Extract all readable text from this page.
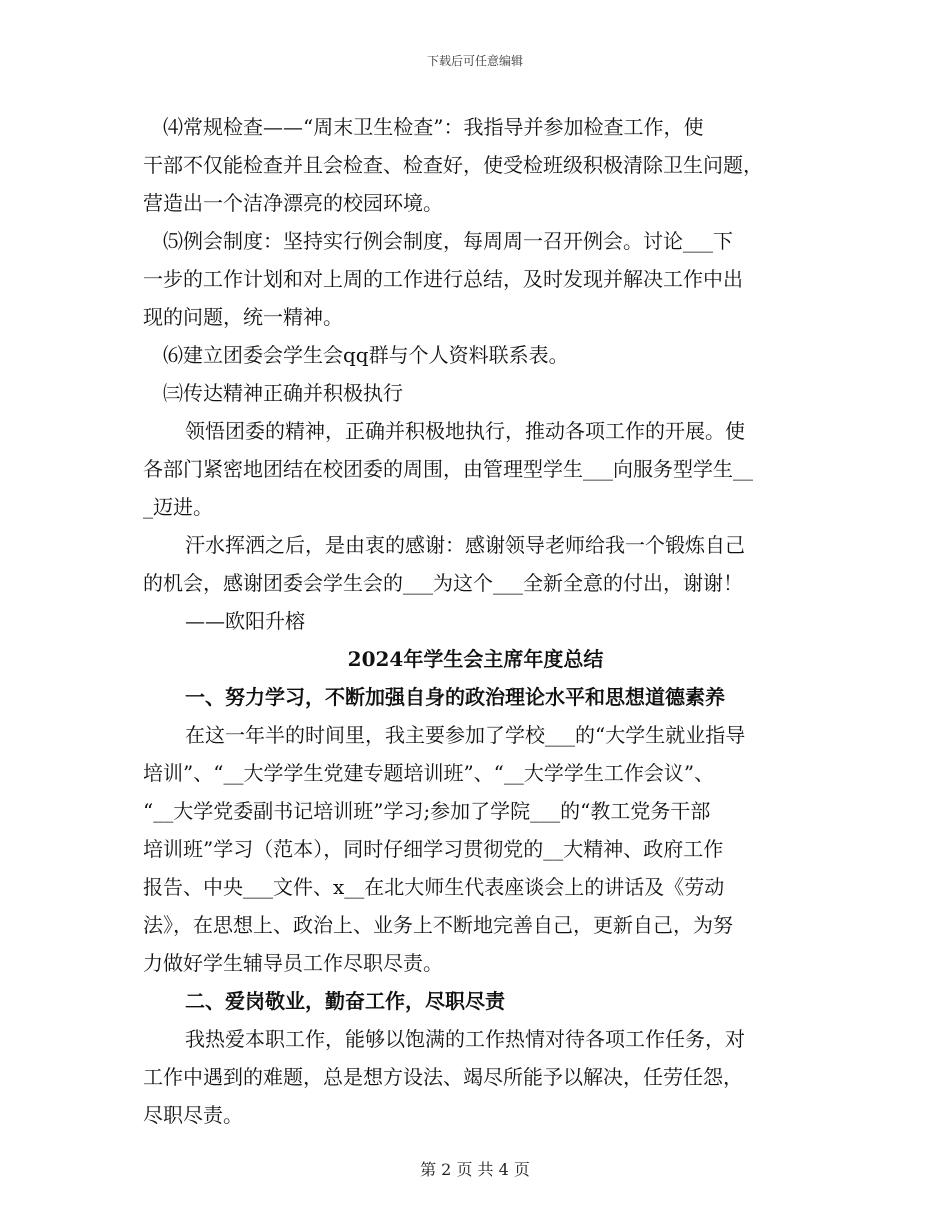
下载后可任意编辑
⑷常规检查——“周末卫生检查”：我指导并参加检查工作，使
干部不仅能检查并且会检查、检查好，使受检班级积极清除卫生问题，
营造出一个洁净漂亮的校园环境。
⑸例会制度：坚持实行例会制度，每周周一召开例会。讨论___下
一步的工作计划和对上周的工作进行总结，及时发现并解决工作中出
现的问题，统一精神。
⑹建立团委会学生会qq群与个人资料联系表。
㈢传达精神正确并积极执行
领悟团委的精神，正确并积极地执行，推动各项工作的开展。使
各部门紧密地团结在校团委的周围，由管理型学生___向服务型学生__
_迈进。
汗水挥洒之后，是由衷的感谢：感谢领导老师给我一个锻炼自己
的机会，感谢团委会学生会的___为这个___全新全意的付出，谢谢！
——欧阳升榕
2024年学生会主席年度总结
一、努力学习，不断加强自身的政治理论水平和思想道德素养
在这一年半的时间里，我主要参加了学校___的“大学生就业指导
培训”、“__大学学生党建专题培训班”、“__大学学生工作会议”、
“__大学党委副书记培训班”学习;参加了学院___的“教工党务干部
培训班”学习（范本），同时仔细学习贯彻党的__大精神、政府工作
报告、中央___文件、x__在北大师生代表座谈会上的讲话及《劳动
法》，在思想上、政治上、业务上不断地完善自己，更新自己，为努
力做好学生辅导员工作尽职尽责。
二、爱岗敬业，勤奋工作，尽职尽责
我热爱本职工作，能够以饱满的工作热情对待各项工作任务，对
工作中遇到的难题，总是想方设法、竭尽所能予以解决，任劳任怨，
尽职尽责。
第 2 页 共 4 页
